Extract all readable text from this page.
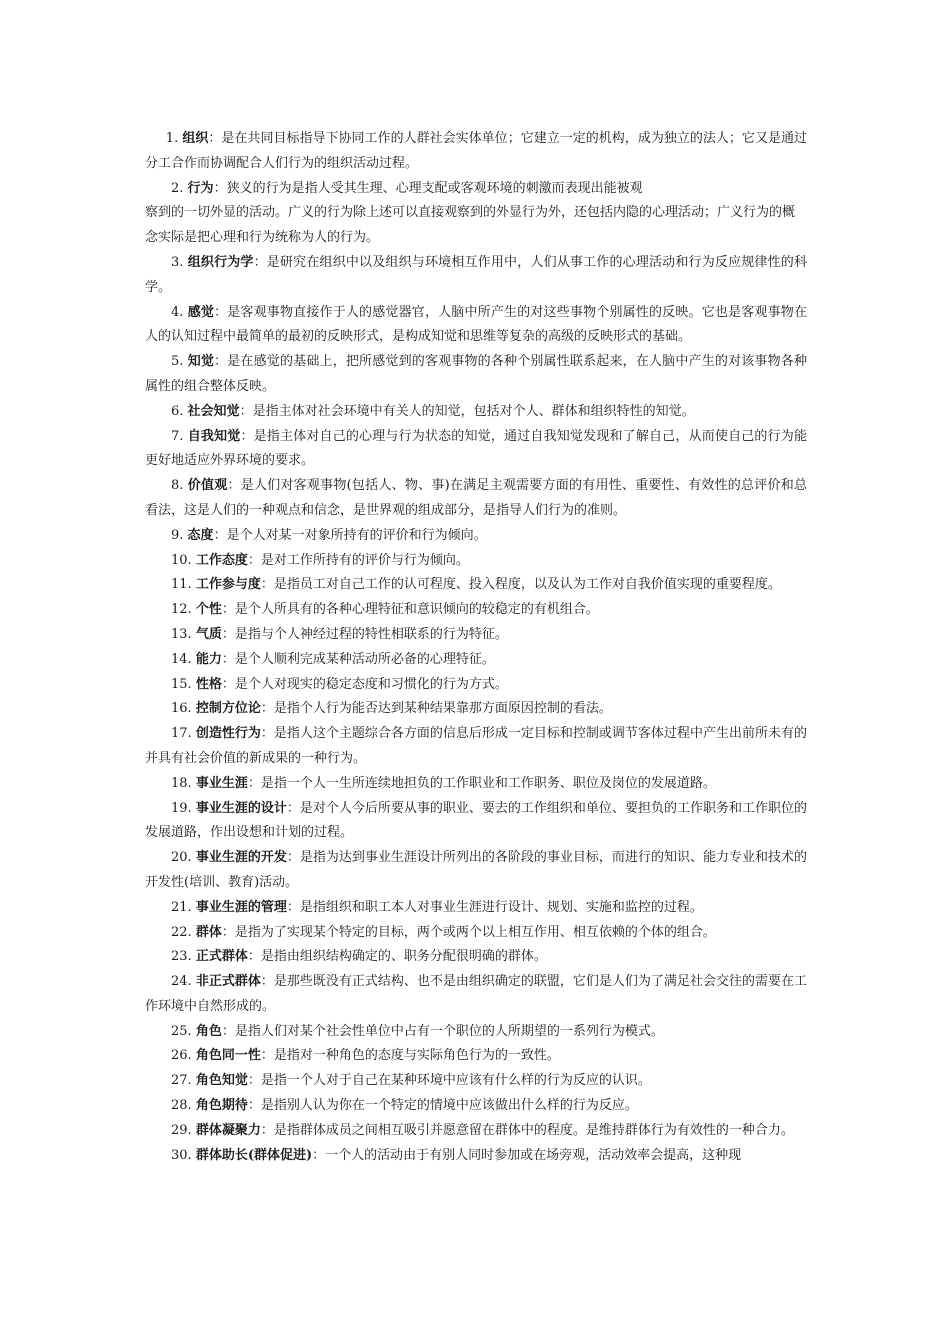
1. 组织：是在共同目标指导下协同工作的人群社会实体单位；它建立一定的机构，成为独立的法人；它又是通过分工合作而协调配合人们行为的组织活动过程。

2. 行为：狭义的行为是指人受其生理、心理支配或客观环境的刺激而表现出能被观

察到的一切外显的活动。广义的行为除上述可以直接观察到的外显行为外，还包括内隐的心理活动；广义行为的概念实际是把心理和行为统称为人的行为。

3. 组织行为学：是研究在组织中以及组织与环境相互作用中，人们从事工作的心理活动和行为反应规律性的科学。

4. 感觉：是客观事物直接作于人的感觉器官，人脑中所产生的对这些事物个别属性的反映。它也是客观事物在人的认知过程中最简单的最初的反映形式，是构成知觉和思维等复杂的高级的反映形式的基础。

5. 知觉：是在感觉的基础上，把所感觉到的客观事物的各种个别属性联系起来，在人脑中产生的对该事物各种属性的组合整体反映。

6. 社会知觉：是指主体对社会环境中有关人的知觉，包括对个人、群体和组织特性的知觉。

7. 自我知觉：是指主体对自己的心理与行为状态的知觉，通过自我知觉发现和了解自己，从而使自己的行为能更好地适应外界环境的要求。

8. 价值观：是人们对客观事物(包括人、物、事)在满足主观需要方面的有用性、重要性、有效性的总评价和总看法，这是人们的一种观点和信念，是世界观的组成部分，是指导人们行为的准则。

9. 态度：是个人对某一对象所持有的评价和行为倾向。

10. 工作态度：是对工作所持有的评价与行为倾向。

11. 工作参与度：是指员工对自己工作的认可程度、投入程度，以及认为工作对自我价值实现的重要程度。

12. 个性：是个人所具有的各种心理特征和意识倾向的较稳定的有机组合。

13. 气质：是指与个人神经过程的特性相联系的行为特征。

14. 能力：是个人顺利完成某种活动所必备的心理特征。

15. 性格：是个人对现实的稳定态度和习惯化的行为方式。

16. 控制方位论：是指个人行为能否达到某种结果靠那方面原因控制的看法。

17. 创造性行为：是指人这个主题综合各方面的信息后形成一定目标和控制或调节客体过程中产生出前所未有的并具有社会价值的新成果的一种行为。

18. 事业生涯：是指一个人一生所连续地担负的工作职业和工作职务、职位及岗位的发展道路。

19. 事业生涯的设计：是对个人今后所要从事的职业、要去的工作组织和单位、要担负的工作职务和工作职位的发展道路，作出设想和计划的过程。

20. 事业生涯的开发：是指为达到事业生涯设计所列出的各阶段的事业目标，而进行的知识、能力专业和技术的开发性(培训、教育)活动。

21. 事业生涯的管理：是指组织和职工本人对事业生涯进行设计、规划、实施和监控的过程。

22. 群体：是指为了实现某个特定的目标，两个或两个以上相互作用、相互依赖的个体的组合。

23. 正式群体：是指由组织结构确定的、职务分配很明确的群体。

24. 非正式群体：是那些既没有正式结构、也不是由组织确定的联盟，它们是人们为了满足社会交往的需要在工作环境中自然形成的。

25. 角色：是指人们对某个社会性单位中占有一个职位的人所期望的一系列行为模式。

26. 角色同一性：是指对一种角色的态度与实际角色行为的一致性。

27. 角色知觉：是指一个人对于自己在某种环境中应该有什么样的行为反应的认识。

28. 角色期待：是指别人认为你在一个特定的情境中应该做出什么样的行为反应。

29. 群体凝聚力：是指群体成员之间相互吸引并愿意留在群体中的程度。是维持群体行为有效性的一种合力。

30. 群体助长(群体促进)：一个人的活动由于有别人同时参加或在场旁观，活动效率会提高，这种现
